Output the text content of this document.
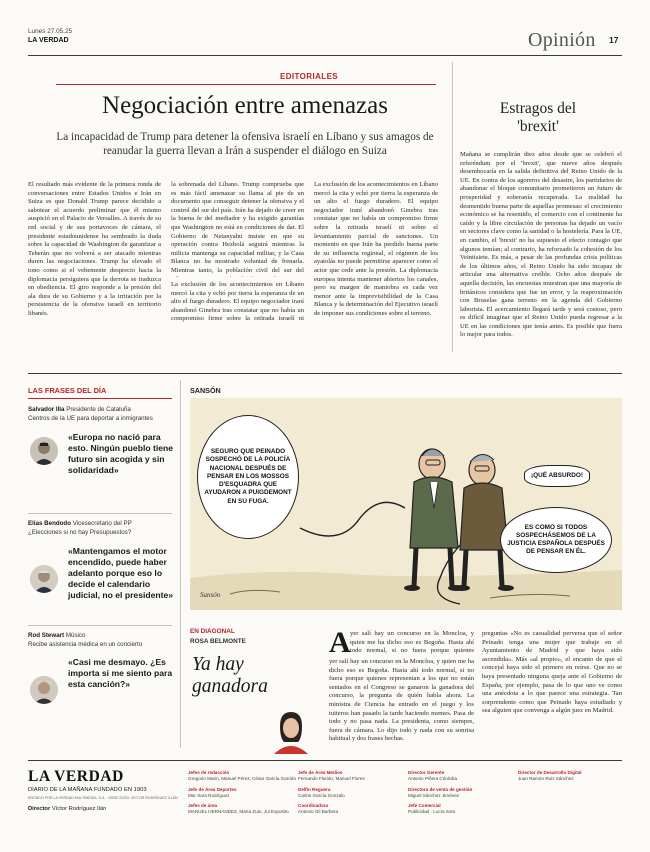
Lunes 27.05.25
LA VERDAD	Opinión 17
EDITORIALES
Negociación entre amenazas
La incapacidad de Trump para detener la ofensiva israelí en Líbano y sus amagos de reanudar la guerra llevan a Irán a suspender el diálogo en Suiza
El resultado más evidente de la primera ronda de conversaciones entre Estados Unidos e Irán en Suiza es que Donald Trump parece decidido a sabotear el acuerdo preliminar que él mismo auspició en el Palacio de Versalles. A través de su red social y de sus portavoces de cámara, el presidente estadounidense ha sembrado la duda sobre la capacidad de Washington de garantizar a Teherán que no volverá a ser atacado mientras duren las negociaciones. Trump ha elevado el tono como si el vehemente desprecio hacia la diplomacia persiguiera que la derrota se traduzca en obediencia. El giro responde a la presión del ala dura de su Gobierno y a la irritación por la persistencia de la ofensiva israelí en territorio libanés.
la sobrenada del Líbano. Trump comprueba que es más fácil amenazar su llama al pie de un documento que conseguir detener la ofensiva y el control del sur del país. Irán ha dejado de creer en la buena fe del mediador y ha exigido garantías que Washington no está en condiciones de dar. El Gobierno de Netanyahu insiste en que su operación contra Hezbolá seguirá mientras la milicia mantenga su capacidad militar, y la Casa Blanca no ha mostrado voluntad de frenarla. Mientras tanto, la población civil del sur del
La exclusión de los acontecimientos en Líbano mercó la cita y echó por tierra la esperanza de un alto el fuego duradero. El equipo negociador iraní abandonó Ginebra tras constatar que no había un compromiso firme sobre la retirada israelí ni sobre el levantamiento parcial de sanciones. Un momento en que Irán ha perdido buena parte de su influencia regional, el régimen de los ayatolás no puede permitirse aparecer como el actor que cede ante la presión. La diplomacia europea intenta mantener abiertos los canales, pero su margen de maniobra es cada vez menor ante la imprevisibilidad de la Casa Blanca y la determinación del Ejecutivo israelí de imponer sus condiciones sobre el terreno.
La exclusión de los acontecimientos en Líbano mercó la cita y echó por tierra la esperanza de un alto el fuego duradero. El equipo negociador iraní abandonó Ginebra tras constatar que no había un compromiso firme sobre la retirada israelí ni
Estragos del 'brexit'
Mañana se cumplirán diez años desde que se celebró el referéndum por el 'brexit', que nueve años después desembocaría en la salida definitiva del Reino Unido de la UE. En contra de los agoreros del desastre, los partidarios de abandonar el bloque comunitario prometieron un futuro de prosperidad y soberanía recuperada. La realidad ha desmentido buena parte de aquellas promesas: el crecimiento económico se ha resentido, el comercio con el continente ha caído y la libre circulación de personas ha dejado un vacío en sectores clave como la sanidad o la hostelería. Para la UE, en cambio, el 'brexit' no ha supuesto el efecto contagio que algunos temían; al contrario, ha reforzado la cohesión de los Veintisiete. Es más, a pesar de las profundas crisis políticas de los últimos años, el Reino Unido ha sido incapaz de articular una alternativa creíble. Ocho años después de aquella decisión, las encuestas muestran que una mayoría de británicos considera que fue un error, y la reaproximación con Bruselas gana terreno en la agenda del Gobierno laborista. El acercamiento llegará tarde y será costoso, pero es difícil imaginar que el Reino Unido pueda regresar a la UE en las condiciones que tenía antes. Es posible que fuera lo mejor para todos.
LAS FRASES DEL DÍA
Salvador Illa Presidente de Cataluña
Centros de la UE para deportar a inmigrantes
«Europa no nació para esto. Ningún pueblo tiene futuro sin acogida y sin solidaridad»
Elías Bendodo Vicesecretario del PP
¿Elecciones si no hay Presupuestos?
«Mantengamos el motor encendido, puede haber adelanto porque eso lo decide el calendario judicial, no el presidente»
Rod Stewart Músico
Recibe asistencia médica en un concierto
«Casi me desmayo. ¿Es importa si me siento para esta canción?»
SANSÓN
SEGURO QUE PEINADO SOSPECHÓ DE LA POLICÍA NACIONAL DESPUÉS DE PENSAR EN LOS MOSSOS D'ESQUADRA QUE AYUDARON A PUIGDEMONT EN SU FUGA.
¡QUÉ ABSURDO!
ES COMO SI TODOS SOSPECHÁSEMOS DE LA JUSTICIA ESPAÑOLA DESPUÉS DE PENSAR EN ÉL.
Sansón
EN DIAGONAL
ROSA BELMONTE
Ya hay ganadora
A yer salí hay un concurso en la Moncloa, y quien me ha dicho eso es Begoña. Hasta ahí todo normal, si no fuera porque quienes
yer salí hay un concurso en la Moncloa, y quien me ha dicho eso es Begoña. Hasta ahí todo normal, si no fuera porque quienes representan a los que no están sentados en el Congreso se ganaron la ganadora del concurso, la pregunta de quién habla ahora. La ministra de Ciencia ha entrado en el juego y los tuiteros han pasado la tarde haciendo memes. Pasa de todo y no pasa nada. La presidenta, como siempre, fuera de cámara. Lo dijo todo y nada con su sonrisa habitual y dos frases hechas.
preguntas «No es casualidad perversa que el señor Peinado tenga una mujer que trabaje en el Ayuntamiento de Madrid y que haya sido ascendida». Más «al propio», el encanto de que el concejal haya sido el primero en reírse. Que no se haya presentado ninguna queja ante el Gobierno de España, por ejemplo, pasa de lo que uno ve como una anécdota a lo que parece una estrategia. Tan sorprendente como que Peinado haya estudiado y sea alguien que convenga a algún juez en Madrid.
LA VERDAD
DIARIO DE LA MAÑANA FUNDADO EN 1903
EDITADO POR LA VERDAD MULTIMEDIA, S.A. · DIRECCIÓN: VÍCTOR RODRÍGUEZ ILLÁN
Director Víctor Rodríguez Ilán
Jefes de redacción
Gregorio Marin, Manuel Pérez, César García Garrido
Jefe de Área Deportes
Mar Sara Rodríguez
Jefes de área
MANUEL HERNÁNDEZ, María Zuni, Jui Exposito
Jefe de Área Medios
Fernando Florido, Manuel Flores
Delfin Reguera
Carlos García Gonzalo
Coordinadora
Antonio Gil Barbera
Director Gerente
Antonio Piñera Córdoba
Directora de venta de gestión
Miguel Sánchez Jiménez
Jefe Comercial
Publicidad · Lucía Soto
Director de Desarrollo Digital
Juan Ramón Ruiz Sánchez
